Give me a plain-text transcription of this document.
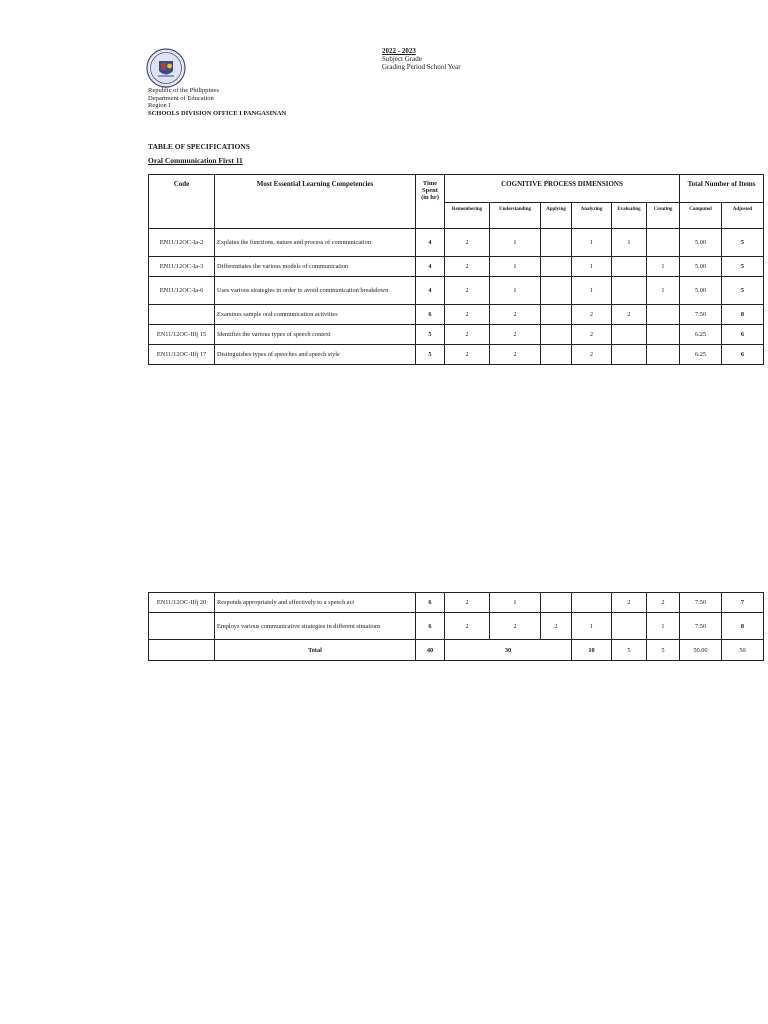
2022 - 2023
Subject Grade
Grading Period School Year
Republic of the Philippines
Department of Education
Region I
SCHOOLS DIVISION OFFICE I PANGASINAN
TABLE OF SPECIFICATIONS
Oral Communication First 11
Code	Most Essential Learning Competencies	Time Spent (in hr)	COGNITIVE PROCESS DIMENSIONS						Total Number of Items	
			Remembering	Understanding	Applying	Analyzing	Evaluating	Creating	Computed	Adjusted
EN11/12OC-Ia-2	Explains the functions, nature and process of communication	4	2	1		1	1		5.00	5
EN11/12OC-Ia-3	Differentiates the various models of communication	4	2	1		1		1	5.00	5
EN11/12OC-Ia-6	Uses various strategies in order to avoid communication breakdown	4	2	1		1		1	5.00	5
	Examines sample oral communication activities	6	2	2		2	2		7.50	8
EN11/12OC-IIfj 15	Identifies the various types of speech context	5	2	2		2			6.25	6
EN11/12OC-IIfj 17	Distinguishes types of speeches and speech style	5	2	2		2			6.25	6
EN11/12OC-IIfj 20	Responds appropriately and effectively to a speech act	6	2	1			2	2	7.50	7
	Employs various communicative strategies in different situations	6	2	2	2	1		1	7.50	8
	Total	40	30			10	5	5	50.00	50
